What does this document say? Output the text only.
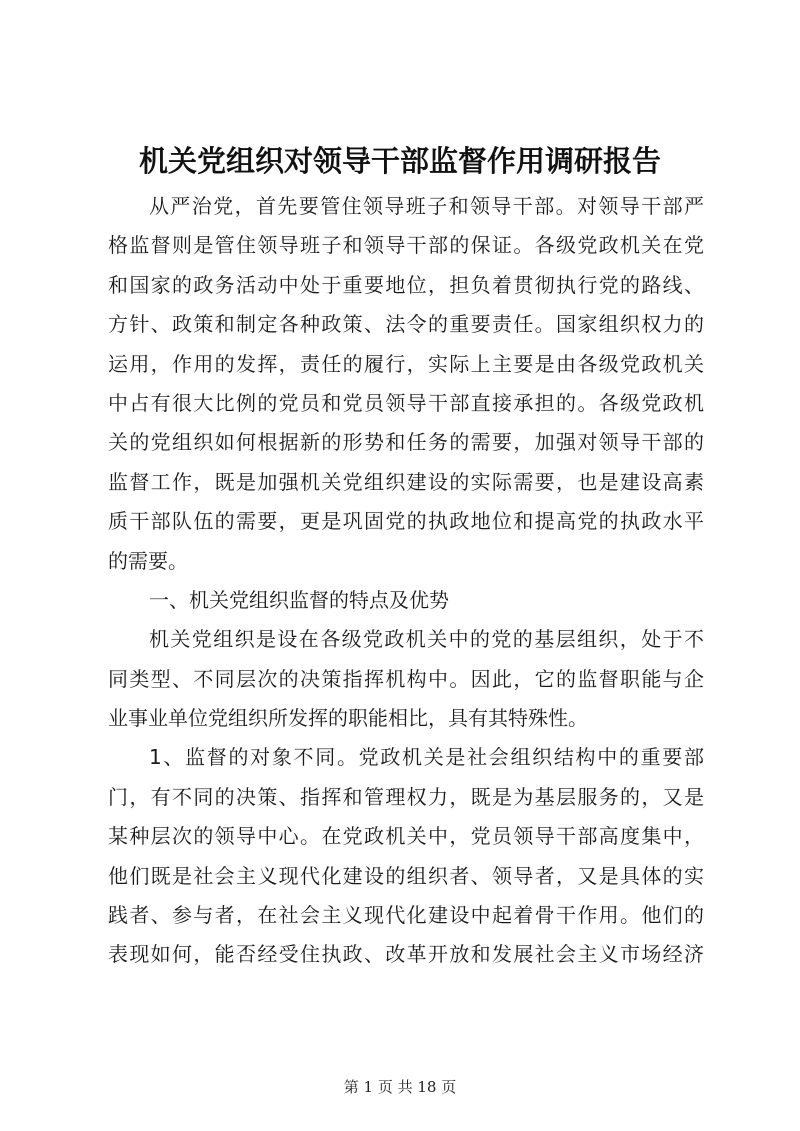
机关党组织对领导干部监督作用调研报告
从严治党，首先要管住领导班子和领导干部。对领导干部严
格监督则是管住领导班子和领导干部的保证。各级党政机关在党
和国家的政务活动中处于重要地位，担负着贯彻执行党的路线、
方针、政策和制定各种政策、法令的重要责任。国家组织权力的
运用，作用的发挥，责任的履行，实际上主要是由各级党政机关
中占有很大比例的党员和党员领导干部直接承担的。各级党政机
关的党组织如何根据新的形势和任务的需要，加强对领导干部的
监督工作，既是加强机关党组织建设的实际需要，也是建设高素
质干部队伍的需要，更是巩固党的执政地位和提高党的执政水平
的需要。
一、机关党组织监督的特点及优势
机关党组织是设在各级党政机关中的党的基层组织，处于不
同类型、不同层次的决策指挥机构中。因此，它的监督职能与企
业事业单位党组织所发挥的职能相比，具有其特殊性。
1、监督的对象不同。党政机关是社会组织结构中的重要部
门，有不同的决策、指挥和管理权力，既是为基层服务的，又是
某种层次的领导中心。在党政机关中，党员领导干部高度集中，
他们既是社会主义现代化建设的组织者、领导者，又是具体的实
践者、参与者，在社会主义现代化建设中起着骨干作用。他们的
表现如何，能否经受住执政、改革开放和发展社会主义市场经济
第 1 页 共 18 页
